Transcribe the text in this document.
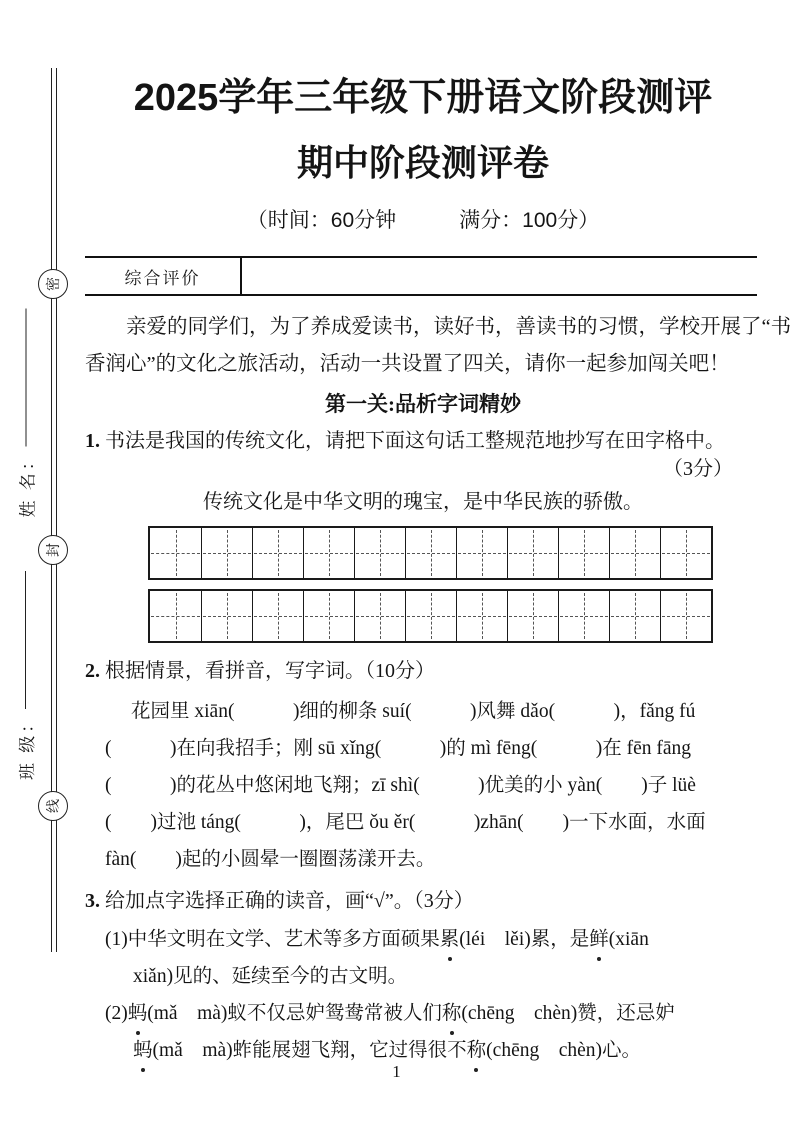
密
封
线
姓 名：
班 级：
2025学年三年级下册语文阶段测评
期中阶段测评卷
（时间：60分钟　　　满分：100分）
综合评价
亲爱的同学们，为了养成爱读书，读好书，善读书的习惯，学校开展了“书
香润心”的文化之旅活动，活动一共设置了四关，请你一起参加闯关吧！
第一关:品析字词精妙
1. 书法是我国的传统文化，请把下面这句话工整规范地抄写在田字格中。
（3分）
传统文化是中华文明的瑰宝，是中华民族的骄傲。
2. 根据情景，看拼音，写字词。（10分）
花园里 xiān(　　　)细的柳条 suí(　　　)风舞 dǎo(　　　)，fǎng fú
(　　　)在向我招手；刚 sū xǐng(　　　)的 mì fēng(　　　)在 fēn fāng
(　　　)的花丛中悠闲地飞翔；zī shì(　　　)优美的小 yàn(　　)子 lüè
(　　)过池 táng(　　　)，尾巴 ǒu ěr(　　　)zhān(　　)一下水面，水面
fàn(　　)起的小圆晕一圈圈荡漾开去。
3. 给加点字选择正确的读音，画“√”。（3分）
(1)中华文明在文学、艺术等多方面硕果累(léi　lěi)累，是鲜(xiān
xiǎn)见的、延续至今的古文明。
(2)蚂(mǎ　mà)蚁不仅忌妒鸳鸯常被人们称(chēng　chèn)赞，还忌妒
蚂(mǎ　mà)蚱能展翅飞翔，它过得很不称(chēng　chèn)心。
1
